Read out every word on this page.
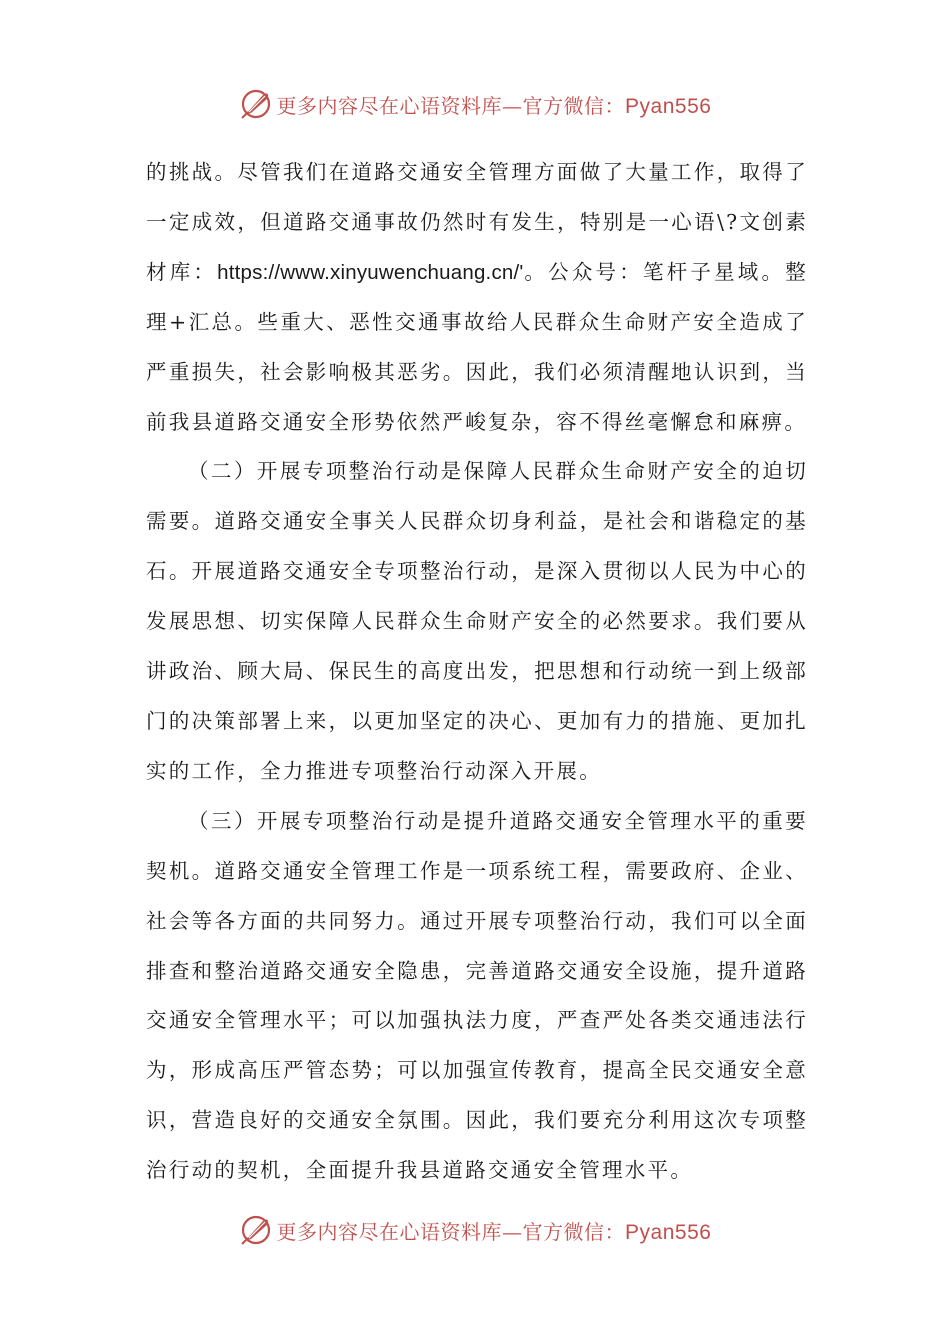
更多内容尽在心语资料库—官方微信：Pyan556

的挑战。尽管我们在道路交通安全管理方面做了大量工作，取得了一定成效，但道路交通事故仍然时有发生，特别是一心语\?文创素材库：https://www.xinyuwenchuang.cn/'。公众号：笔杆子星域。整理+汇总。些重大、恶性交通事故给人民群众生命财产安全造成了严重损失，社会影响极其恶劣。因此，我们必须清醒地认识到，当前我县道路交通安全形势依然严峻复杂，容不得丝毫懈怠和麻痹。

（二）开展专项整治行动是保障人民群众生命财产安全的迫切需要。道路交通安全事关人民群众切身利益，是社会和谐稳定的基石。开展道路交通安全专项整治行动，是深入贯彻以人民为中心的发展思想、切实保障人民群众生命财产安全的必然要求。我们要从讲政治、顾大局、保民生的高度出发，把思想和行动统一到上级部门的决策部署上来，以更加坚定的决心、更加有力的措施、更加扎实的工作，全力推进专项整治行动深入开展。

（三）开展专项整治行动是提升道路交通安全管理水平的重要契机。道路交通安全管理工作是一项系统工程，需要政府、企业、社会等各方面的共同努力。通过开展专项整治行动，我们可以全面排查和整治道路交通安全隐患，完善道路交通安全设施，提升道路交通安全管理水平；可以加强执法力度，严查严处各类交通违法行为，形成高压严管态势；可以加强宣传教育，提高全民交通安全意识，营造良好的交通安全氛围。因此，我们要充分利用这次专项整治行动的契机，全面提升我县道路交通安全管理水平。

更多内容尽在心语资料库—官方微信：Pyan556
